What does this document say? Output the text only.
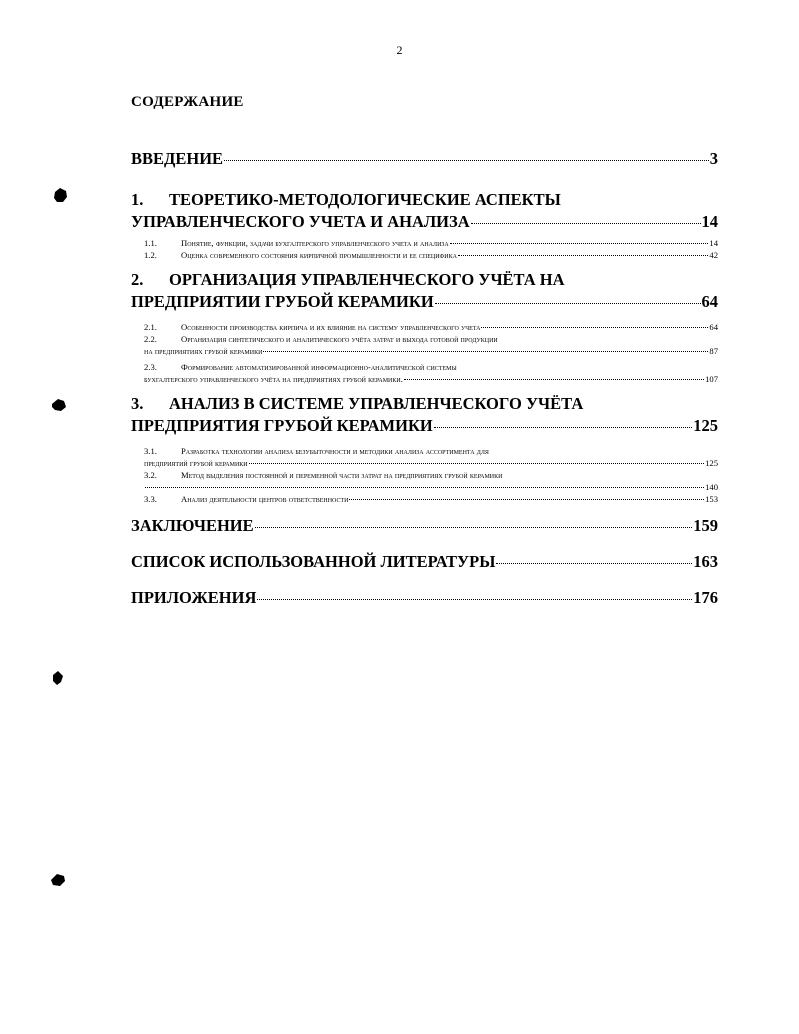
2
СОДЕРЖАНИЕ
ВВЕДЕНИЕ	3
1. ТЕОРЕТИКО-МЕТОДОЛОГИЧЕСКИЕ АСПЕКТЫ
УПРАВЛЕНЧЕСКОГО УЧЕТА И АНАЛИЗА	14
1.1.	Понятие, функции, задачи бухгалтерского управленческого учета и анализа	14
1.2.	Оценка современного состояния кирпичной промышленности и ее специфика	42
2. ОРГАНИЗАЦИЯ УПРАВЛЕНЧЕСКОГО УЧЁТА НА
ПРЕДПРИЯТИИ ГРУБОЙ КЕРАМИКИ	64
2.1.	Особенности производства кирпича и их влияние на систему управленческого учета	64
2.2.	Организация синтетического и аналитического учёта затрат и выхода готовой продукции
на предприятиях грубой керамики	87
2.3.	Формирование автоматизированной информационно-аналитической системы
бухгалтерского управленческого учёта на предприятиях грубой керамики.	107
3. АНАЛИЗ В СИСТЕМЕ УПРАВЛЕНЧЕСКОГО УЧЁТА
ПРЕДПРИЯТИЯ ГРУБОЙ КЕРАМИКИ	125
3.1.	Разработка технологии анализа безубыточности и методики анализа ассортимента для
предприятий грубой керамики	125
3.2.	Метод выделения постоянной и переменной части затрат на предприятиях грубой керамики
140
3.3.	Анализ деятельности центров ответственности	153
ЗАКЛЮЧЕНИЕ	159
СПИСОК ИСПОЛЬЗОВАННОЙ ЛИТЕРАТУРЫ	163
ПРИЛОЖЕНИЯ	176
